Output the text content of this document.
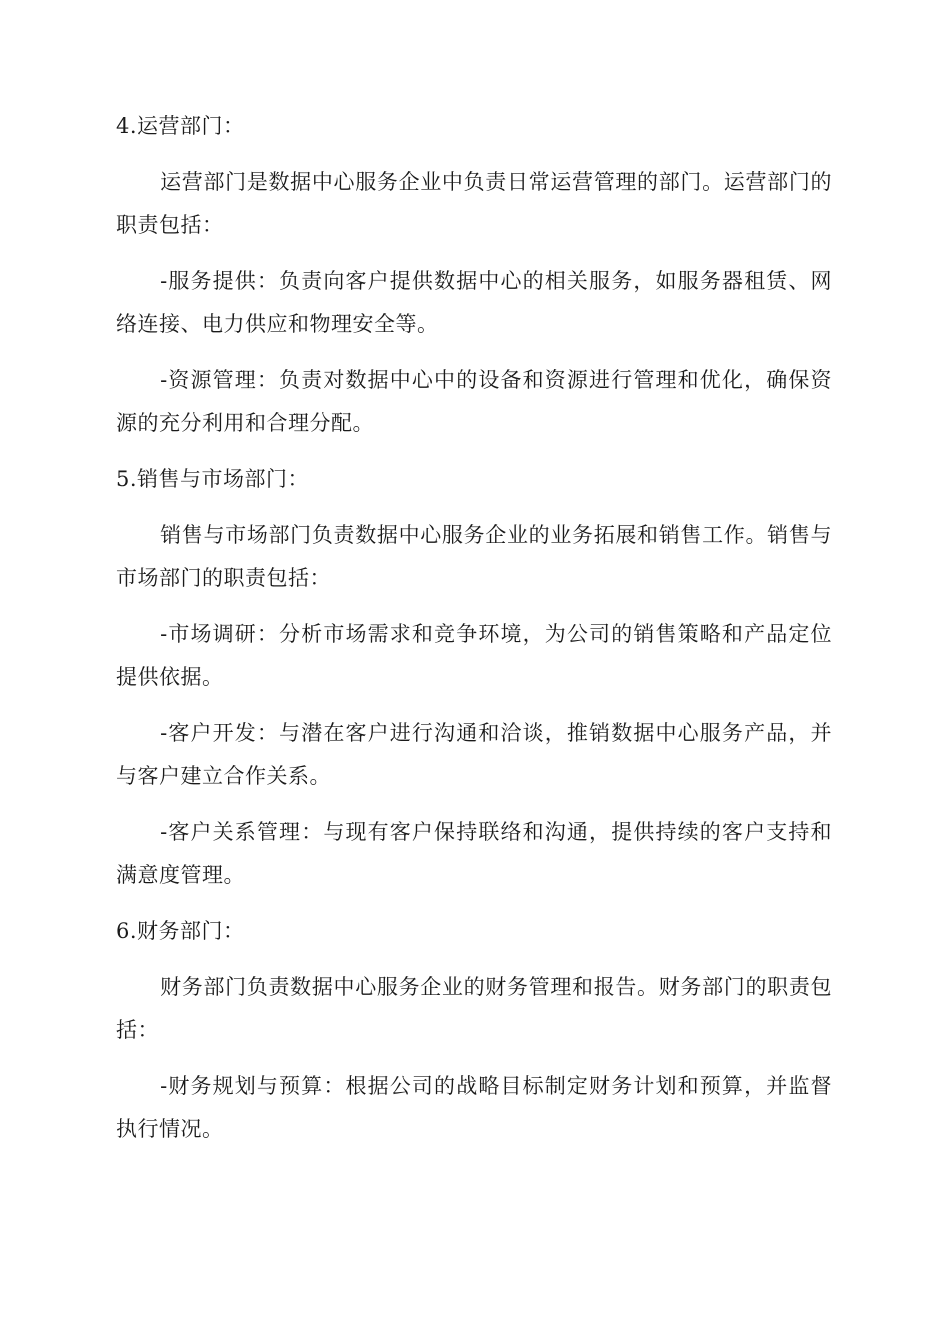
4.运营部门：
运营部门是数据中心服务企业中负责日常运营管理的部门。运营部门的职责包括：
-服务提供：负责向客户提供数据中心的相关服务，如服务器租赁、网络连接、电力供应和物理安全等。
-资源管理：负责对数据中心中的设备和资源进行管理和优化，确保资源的充分利用和合理分配。
5.销售与市场部门：
销售与市场部门负责数据中心服务企业的业务拓展和销售工作。销售与市场部门的职责包括：
-市场调研：分析市场需求和竞争环境，为公司的销售策略和产品定位提供依据。
-客户开发：与潜在客户进行沟通和洽谈，推销数据中心服务产品，并与客户建立合作关系。
-客户关系管理：与现有客户保持联络和沟通，提供持续的客户支持和满意度管理。
6.财务部门：
财务部门负责数据中心服务企业的财务管理和报告。财务部门的职责包括：
-财务规划与预算：根据公司的战略目标制定财务计划和预算，并监督执行情况。
